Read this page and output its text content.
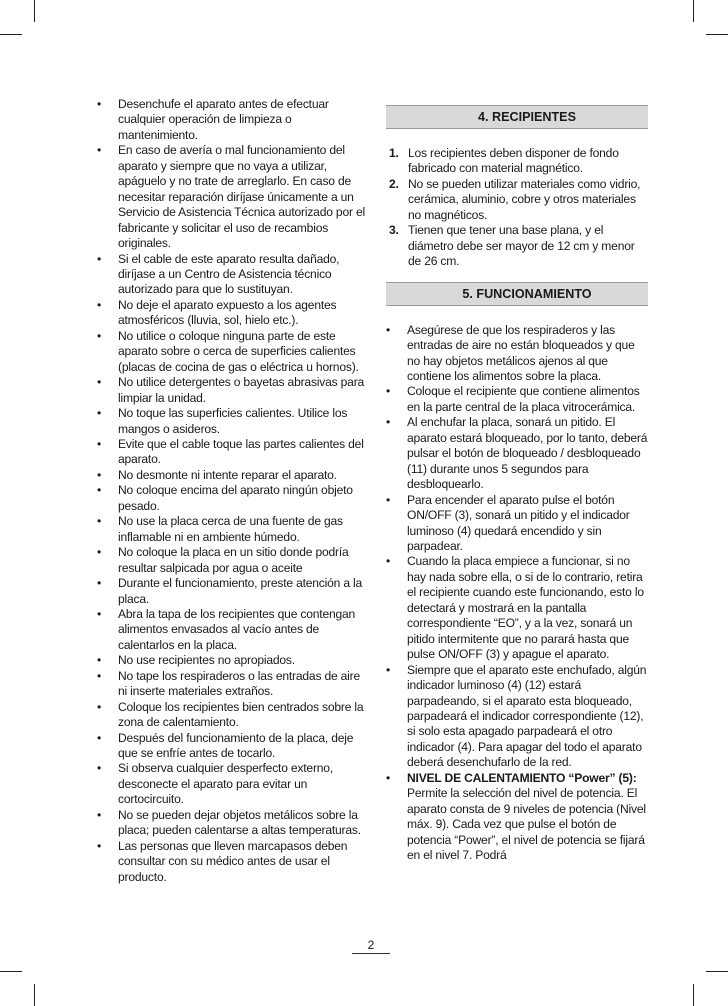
• Desenchufe el aparato antes de efectuar cualquier operación de limpieza o mantenimiento.
• En caso de avería o mal funcionamiento del aparato y siempre que no vaya a utilizar, apáguelo y no trate de arreglarlo. En caso de necesitar reparación diríjase únicamente a un Servicio de Asistencia Técnica autorizado por el fabricante y solicitar el uso de recambios originales.
• Si el cable de este aparato resulta dañado, diríjase a un Centro de Asistencia técnico autorizado para que lo sustituyan.
• No deje el aparato expuesto a los agentes atmosféricos (lluvia, sol, hielo etc.).
• No utilice o coloque ninguna parte de este aparato sobre o cerca de superficies calientes (placas de cocina de gas o eléctrica u hornos).
• No utilice detergentes o bayetas abrasivas para limpiar la unidad.
• No toque las superficies calientes. Utilice los mangos o asideros.
• Evite que el cable toque las partes calientes del aparato.
• No desmonte ni intente reparar el aparato.
• No coloque encima del aparato ningún objeto pesado.
• No use la placa cerca de una fuente de gas inflamable ni en ambiente húmedo.
• No coloque la placa en un sitio donde podría resultar salpicada por agua o aceite
• Durante el funcionamiento, preste atención a la placa.
• Abra la tapa de los recipientes que contengan alimentos envasados al vacío antes de calentarlos en la placa.
• No use recipientes no apropiados.
• No tape los respiraderos o las entradas de aire ni inserte materiales extraños.
• Coloque los recipientes bien centrados sobre la zona de calentamiento.
• Después del funcionamiento de la placa, deje que se enfríe antes de tocarlo.
• Si observa cualquier desperfecto externo, desconecte el aparato para evitar un cortocircuito.
• No se pueden dejar objetos metálicos sobre la placa; pueden calentarse a altas temperaturas.
• Las personas que lleven marcapasos deben consultar con su médico antes de usar el producto.
4. RECIPIENTES
1. Los recipientes deben disponer de fondo fabricado con material magnético.
2. No se pueden utilizar materiales como vidrio, cerámica, aluminio, cobre y otros materiales no magnéticos.
3. Tienen que tener una base plana, y el diámetro debe ser mayor de 12 cm y menor de 26 cm.
5. FUNCIONAMIENTO
• Asegúrese de que los respiraderos y las entradas de aire no están bloqueados y que no hay objetos metálicos ajenos al que contiene los alimentos sobre la placa.
• Coloque el recipiente que contiene alimentos en la parte central de la placa vitrocerámica.
• Al enchufar la placa, sonará un pitido. El aparato estará bloqueado, por lo tanto, deberá pulsar el botón de bloqueado / desbloqueado (11) durante unos 5 segundos para desbloquearlo.
• Para encender el aparato pulse el botón ON/OFF (3), sonará un pitido y el indicador luminoso (4) quedará encendido y sin parpadear.
• Cuando la placa empiece a funcionar, si no hay nada sobre ella, o si de lo contrario, retira el recipiente cuando este funcionando, esto lo detectará y mostrará en la pantalla correspondiente “EO”, y a la vez, sonará un pitido intermitente que no parará hasta que pulse ON/OFF (3) y apague el aparato.
• Siempre que el aparato este enchufado, algún indicador luminoso (4) (12) estará parpadeando, si el aparato esta bloqueado, parpadeará el indicador correspondiente (12), si solo esta apagado parpadeará el otro indicador (4). Para apagar del todo el aparato deberá desenchufarlo de la red.
• NIVEL DE CALENTAMIENTO “Power” (5): Permite la selección del nivel de potencia. El aparato consta de 9 niveles de potencia (Nivel máx. 9). Cada vez que pulse el botón de potencia “Power”, el nivel de potencia se fijará en el nivel 7. Podrá
2
